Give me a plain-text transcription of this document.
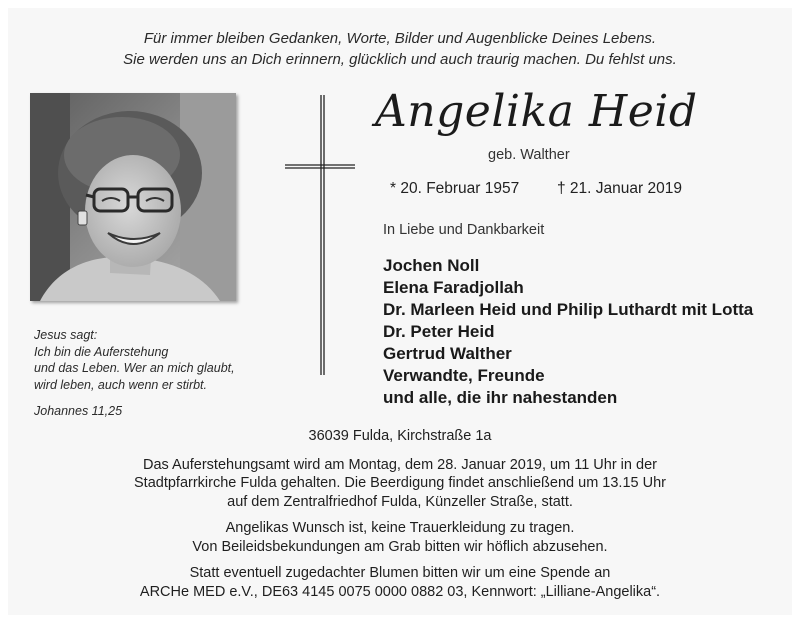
Für immer bleiben Gedanken, Worte, Bilder und Augenblicke Deines Lebens.
Sie werden uns an Dich erinnern, glücklich und auch traurig machen. Du fehlst uns.
Angelika Heid
geb. Walther
* 20. Februar 1957 † 21. Januar 2019
In Liebe und Dankbarkeit
Jochen Noll
Elena Faradjollah
Dr. Marleen Heid und Philip Luthardt mit Lotta
Dr. Peter Heid
Gertrud Walther
Verwandte, Freunde
und alle, die ihr nahestanden
Jesus sagt:
Ich bin die Auferstehung
und das Leben. Wer an mich glaubt,
wird leben, auch wenn er stirbt.
Johannes 11,25

36039 Fulda, Kirchstraße 1a

Das Auferstehungsamt wird am Montag, dem 28. Januar 2019, um 11 Uhr in der
Stadtpfarrkirche Fulda gehalten. Die Beerdigung findet anschließend um 13.15 Uhr
auf dem Zentralfriedhof Fulda, Künzeller Straße, statt.

Angelikas Wunsch ist, keine Trauerkleidung zu tragen.
Von Beileidsbekundungen am Grab bitten wir höflich abzusehen.

Statt eventuell zugedachter Blumen bitten wir um eine Spende an
ARCHe MED e.V., DE63 4145 0075 0000 0882 03, Kennwort: „Lilliane-Angelika“.
